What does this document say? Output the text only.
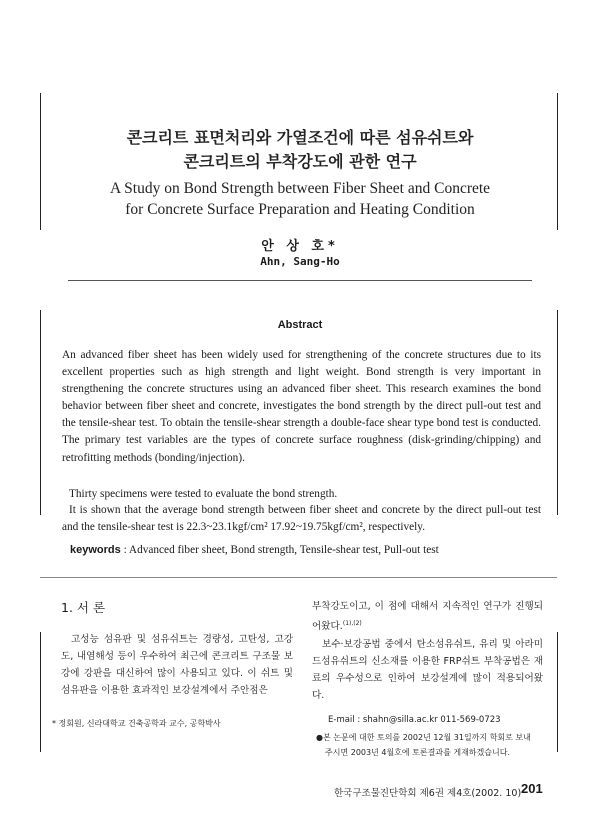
콘크리트 표면처리와 가열조건에 따른 섬유쉬트와
콘크리트의 부착강도에 관한 연구
A Study on Bond Strength between Fiber Sheet and Concrete
for Concrete Surface Preparation and Heating Condition
안 상 호*
Ahn, Sang-Ho
Abstract
An advanced fiber sheet has been widely used for strengthening of the concrete structures due to its excellent properties such as high strength and light weight. Bond strength is very important in strengthening the concrete structures using an advanced fiber sheet. This research examines the bond behavior between fiber sheet and concrete, investigates the bond strength by the direct pull-out test and the tensile-shear test. To obtain the tensile-shear strength a double-face shear type bond test is conducted. The primary test variables are the types of concrete surface roughness (disk-grinding/chipping) and retrofitting methods (bonding/injection).
Thirty specimens were tested to evaluate the bond strength.
It is shown that the average bond strength between fiber sheet and concrete by the direct pull-out test and the tensile-shear test is 22.3~23.1kgf/cm² 17.92~19.75kgf/cm², respectively.
keywords : Advanced fiber sheet, Bond strength, Tensile-shear test, Pull-out test
1. 서 론
고성능 섬유판 및 섬유쉬트는 경량성, 고탄성, 고강도, 내염해성 등이 우수하여 최근에 콘크리트 구조물 보강에 강판을 대신하여 많이 사용되고 있다. 이 쉬트 및 섬유판을 이용한 효과적인 보강설계에서 주안점은
* 정회원, 신라대학교 건축공학과 교수, 공학박사
부착강도이고, 이 점에 대해서 지속적인 연구가 진행되어왔다.$^{(1),(2)}$
보수·보강공법 중에서 탄소섬유쉬트, 유리 및 아라미드섬유쉬트의 신소재를 이용한 FRP쉬트 부착공법은 재료의 우수성으로 인하여 보강설계에 많이 적용되어왔다.
E-mail : shahn@silla.ac.kr 011-569-0723
●본 논문에 대한 토의를 2002년 12월 31일까지 학회로 보내
주시면 2003년 4월호에 토론결과를 게재하겠습니다.
한국구조물진단학회 제6권 제4호(2002. 10) 201
